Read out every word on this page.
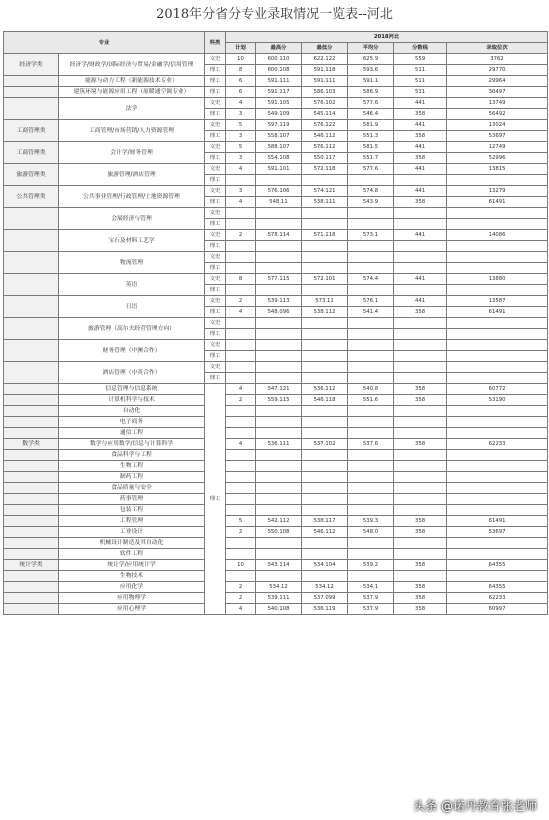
2018年分省分专业录取情况一览表--河北
专业		科类	2018河北					
			计划	最高分	最低分	平均分	分数线	录取位次
经济学类	经济学/财政学/国际经济与贸易/金融学/信用管理	文史	10	600.110	622.122	625.9	559	3762
		理工	8	600.108	591.118	593.6	511	29770
	能源与动力工程（新能源技术专业）	理工	6	591.111	591.111	591.1	511	29964
	建筑环境与能源应用工程（原暖通空调专业）	理工	6	591.117	586.103	586.9	511	30497
	法学	文史	4	591.105	576.102	577.6	441	13749
		理工	3	549.109	545.114	546.4	358	56492
工商管理类	工商管理/市场营销/人力资源管理	文史	5	597.119	576.122	581.9	441	13024
		理工	3	558.107	546.112	551.3	358	53697
工商管理类	会计学/财务管理	文史	5	588.107	576.112	581.5	441	12749
		理工	3	554.108	550.117	551.7	358	52996
旅游管理类	旅游管理/酒店管理	文史	4	591.101	572.118	577.6	441	13815
		理工						
公共管理类	公共事业管理/行政管理/土地资源管理	文史	3	576.106	574.121	574.8	441	13279
		理工	4	548.11	538.111	543.9	358	61491
	会展经济与管理	文史						
		理工						
	宝石及材料工艺学	文史	2	578.114	571.118	573.1	441	14086
		理工						
	物流管理	文史						
		理工						
	英语	文史	8	577.115	572.101	574.4	441	13880
		理工						
	日语	文史	2	539.113	573.11	576.1	441	13587
		理工	4	548.096	538.112	541.4	358	61491
	旅游管理（高尔夫经营管理方向）	文史						
		理工						
	财务管理（中澳合作）	文史						
		理工						
	酒店管理（中英合作）	文史						
		理工						
	信息管理与信息系统	理工	4	547.121	536.112	540.8	358	60772
	计算机科学与技术		2	559.115	546.118	551.6	358	53190
	自动化							
	电子商务							
	通信工程							
数学类	数学与应用数学/信息与计算科学		4	536.111	537.102	537.6	358	62233
	食品科学与工程							
	生物工程							
	制药工程							
	食品质量与安全							
	药事管理							
	包装工程							
	工程管理		5	542.112	538.117	539.3	358	61491
	工业设计		2	550.108	546.112	548.0	358	53697
	机械设计制造及其自动化							
	软件工程							
统计学类	统计学/应用统计学		10	543.114	534.104	539.2	358	64355
	生物技术							
	应用化学		2	534.12	534.12	534.1	358	64355
	应用物理学		2	539.111	537.099	537.9	358	62233
	应用心理学		4	540.108	536.119	537.9	358	60997
头条 @诺丹教育张老师
